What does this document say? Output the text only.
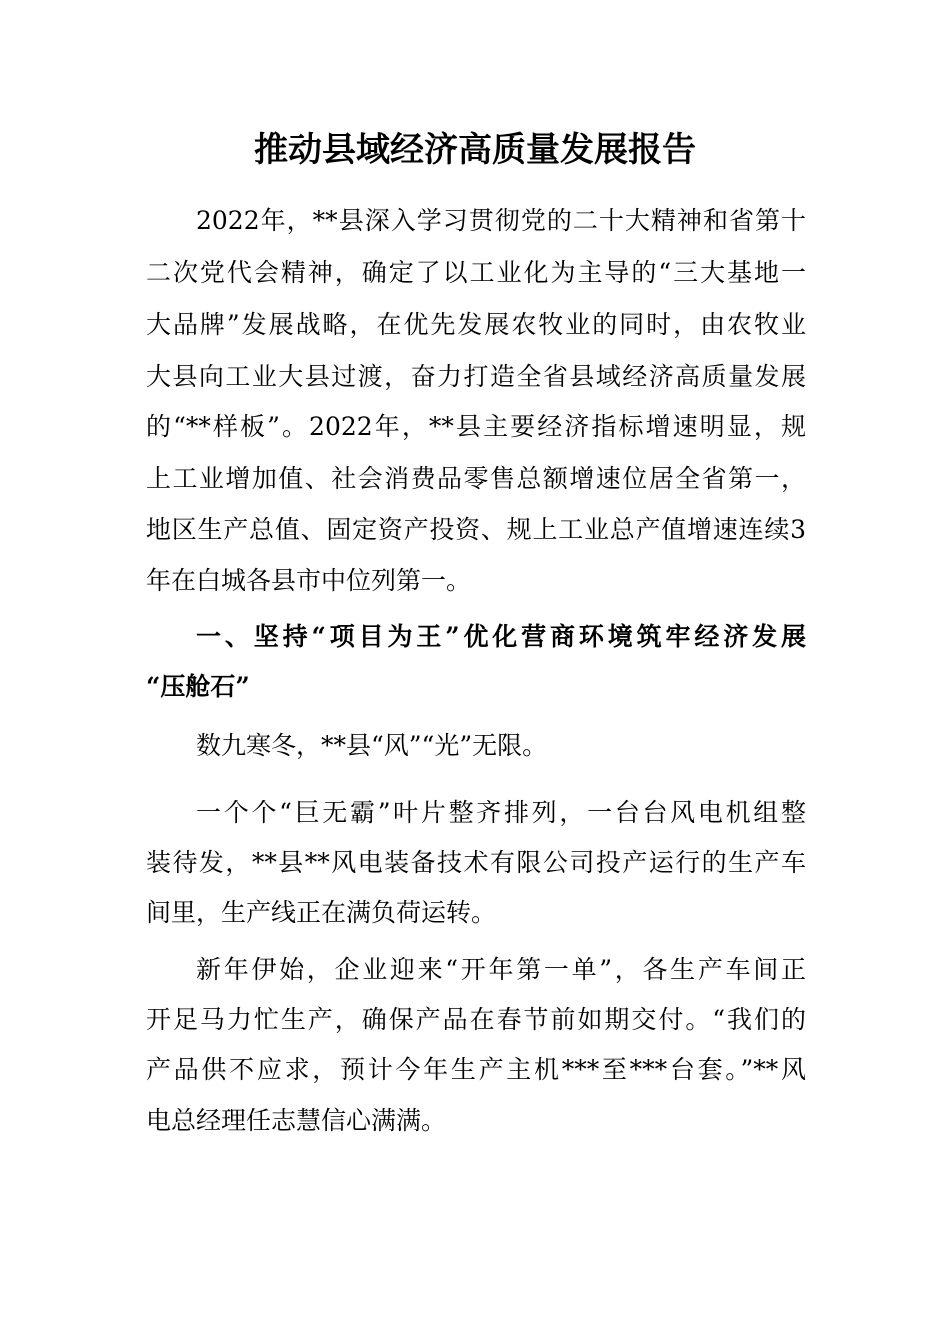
推动县域经济高质量发展报告
2022年，**县深入学习贯彻党的二十大精神和省第十
二次党代会精神，确定了以工业化为主导的“三大基地一
大品牌”发展战略，在优先发展农牧业的同时，由农牧业
大县向工业大县过渡，奋力打造全省县域经济高质量发展
的“**样板”。2022年，**县主要经济指标增速明显，规
上工业增加值、社会消费品零售总额增速位居全省第一，
地区生产总值、固定资产投资、规上工业总产值增速连续3
年在白城各县市中位列第一。
一、坚持“项目为王”优化营商环境筑牢经济发展
“压舱石”
数九寒冬，**县“风”“光”无限。
一个个“巨无霸”叶片整齐排列，一台台风电机组整
装待发，**县**风电装备技术有限公司投产运行的生产车
间里，生产线正在满负荷运转。
新年伊始，企业迎来“开年第一单”，各生产车间正
开足马力忙生产，确保产品在春节前如期交付。“我们的
产品供不应求，预计今年生产主机***至***台套。”**风
电总经理任志慧信心满满。
